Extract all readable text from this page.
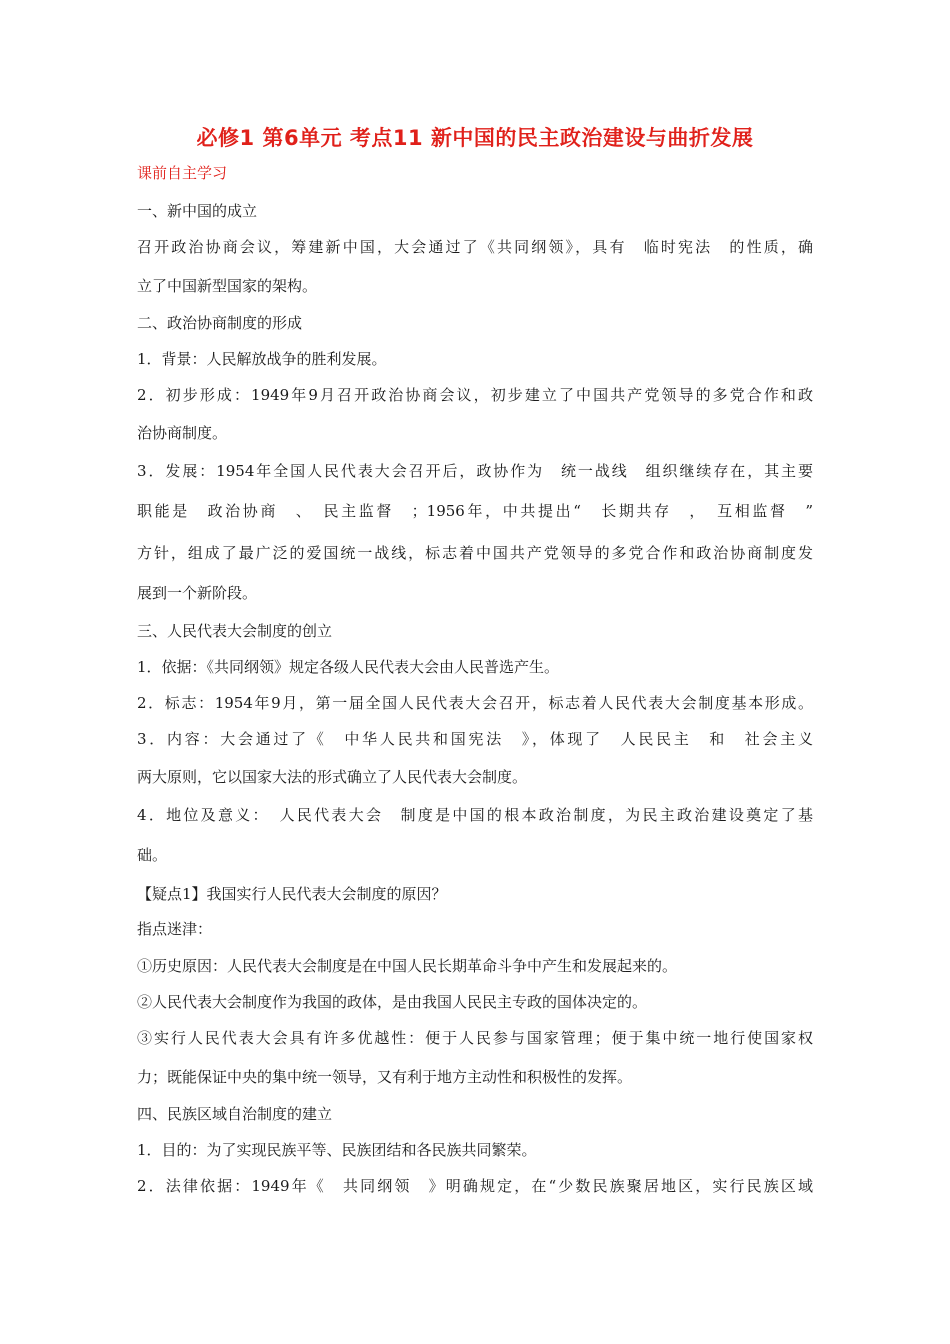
必修1 第6单元 考点11 新中国的民主政治建设与曲折发展
课前自主学习
一、新中国的成立
召开政治协商会议，筹建新中国，大会通过了《共同纲领》，具有　临时宪法　的性质，确
立了中国新型国家的架构。
二、政治协商制度的形成
1．背景：人民解放战争的胜利发展。
2．初步形成：1949年9月召开政治协商会议，初步建立了中国共产党领导的多党合作和政
治协商制度。
3．发展：1954年全国人民代表大会召开后，政协作为　统一战线　组织继续存在，其主要
职能是　政治协商　、　民主监督　；1956年，中共提出“　长期共存　，　互相监督　”
方针，组成了最广泛的爱国统一战线，标志着中国共产党领导的多党合作和政治协商制度发
展到一个新阶段。
三、人民代表大会制度的创立
1．依据：《共同纲领》规定各级人民代表大会由人民普选产生。
2．标志：1954年9月，第一届全国人民代表大会召开，标志着人民代表大会制度基本形成。
3．内容：大会通过了《　中华人民共和国宪法　》，体现了　人民民主　和　社会主义
两大原则，它以国家大法的形式确立了人民代表大会制度。
4．地位及意义：　人民代表大会　制度是中国的根本政治制度，为民主政治建设奠定了基
础。
【疑点1】我国实行人民代表大会制度的原因？
指点迷津：
①历史原因：人民代表大会制度是在中国人民长期革命斗争中产生和发展起来的。
②人民代表大会制度作为我国的政体，是由我国人民民主专政的国体决定的。
③实行人民代表大会具有许多优越性：便于人民参与国家管理；便于集中统一地行使国家权
力；既能保证中央的集中统一领导，又有利于地方主动性和积极性的发挥。
四、民族区域自治制度的建立
1．目的：为了实现民族平等、民族团结和各民族共同繁荣。
2．法律依据：1949年《　共同纲领　》明确规定，在“少数民族聚居地区，实行民族区域
